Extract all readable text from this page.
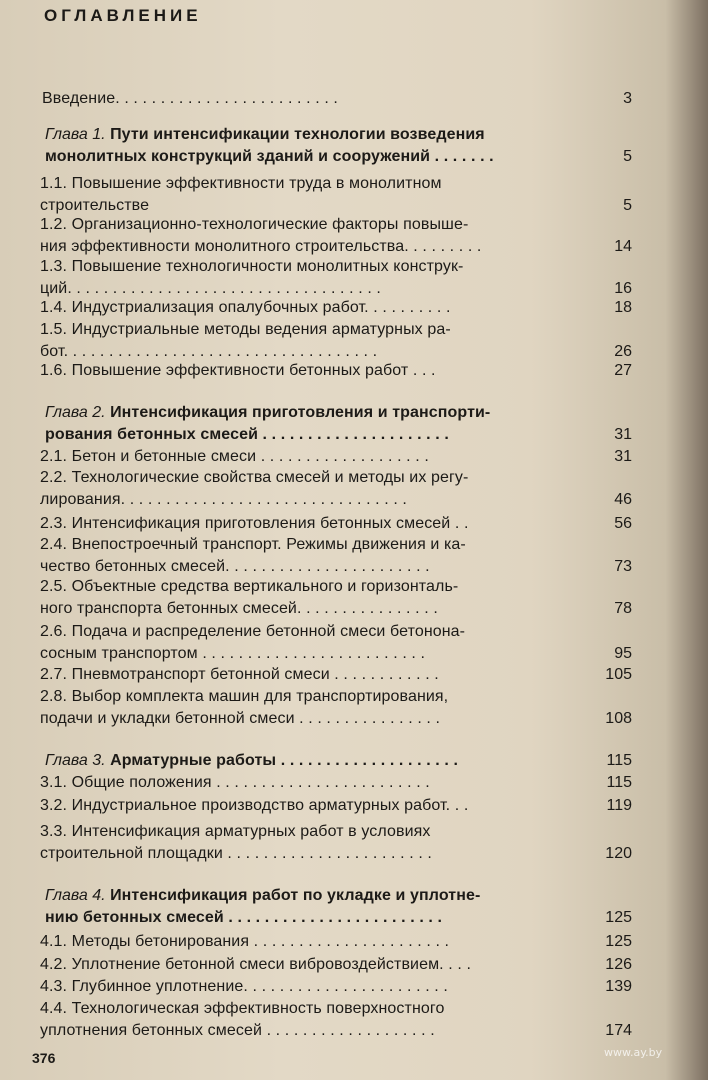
ОГЛАВЛЕНИЕ
Введение. . . . . . . . . . . . . . . . . . . . . . . . .	3
Глава 1. Пути интенсификации технологии возведения
монолитных конструкций зданий и сооружений . . . . . . .	5
1.1. Повышение эффективности труда в монолитном
строительстве	5
1.2. Организационно-технологические факторы повыше-
ния эффективности монолитного строительства. . . . . . . . .	14
1.3. Повышение технологичности монолитных конструк-
ций. . . . . . . . . . . . . . . . . . . . . . . . . . . . . . . . . . .	16
1.4. Индустриализация опалубочных работ. . . . . . . . . .	18
1.5. Индустриальные методы ведения арматурных ра-
бот. . . . . . . . . . . . . . . . . . . . . . . . . . . . . . . . . . .	26
1.6. Повышение эффективности бетонных работ . . .	27
Глава 2. Интенсификация приготовления и транспорти-
рования бетонных смесей . . . . . . . . . . . . . . . . . . . . .	31
2.1. Бетон и бетонные смеси . . . . . . . . . . . . . . . . . . .	31
2.2. Технологические свойства смесей и методы их регу-
лирования. . . . . . . . . . . . . . . . . . . . . . . . . . . . . . . .	46
2.3. Интенсификация приготовления бетонных смесей . .	56
2.4. Внепостроечный транспорт. Режимы движения и ка-
чество бетонных смесей. . . . . . . . . . . . . . . . . . . . . . .	73
2.5. Объектные средства вертикального и горизонталь-
ного транспорта бетонных смесей. . . . . . . . . . . . . . . .	78
2.6. Подача и распределение бетонной смеси бетонона-
сосным транспортом . . . . . . . . . . . . . . . . . . . . . . . . .	95
2.7. Пневмотранспорт бетонной смеси . . . . . . . . . . . .	105
2.8. Выбор комплекта машин для транспортирования,
подачи и укладки бетонной смеси . . . . . . . . . . . . . . . .	108
Глава 3. Арматурные работы . . . . . . . . . . . . . . . . . . . .	115
3.1. Общие положения . . . . . . . . . . . . . . . . . . . . . . . .	115
3.2. Индустриальное производство арматурных работ. . .	119
3.3. Интенсификация арматурных работ в условиях
строительной площадки . . . . . . . . . . . . . . . . . . . . . . .	120
Глава 4. Интенсификация работ по укладке и уплотне-
нию бетонных смесей . . . . . . . . . . . . . . . . . . . . . . . .	125
4.1. Методы бетонирования . . . . . . . . . . . . . . . . . . . . . .	125
4.2. Уплотнение бетонной смеси вибровоздействием. . . .	126
4.3. Глубинное уплотнение. . . . . . . . . . . . . . . . . . . . . . .	139
4.4. Технологическая эффективность поверхностного
уплотнения бетонных смесей . . . . . . . . . . . . . . . . . . .	174
376	www.ay.by
